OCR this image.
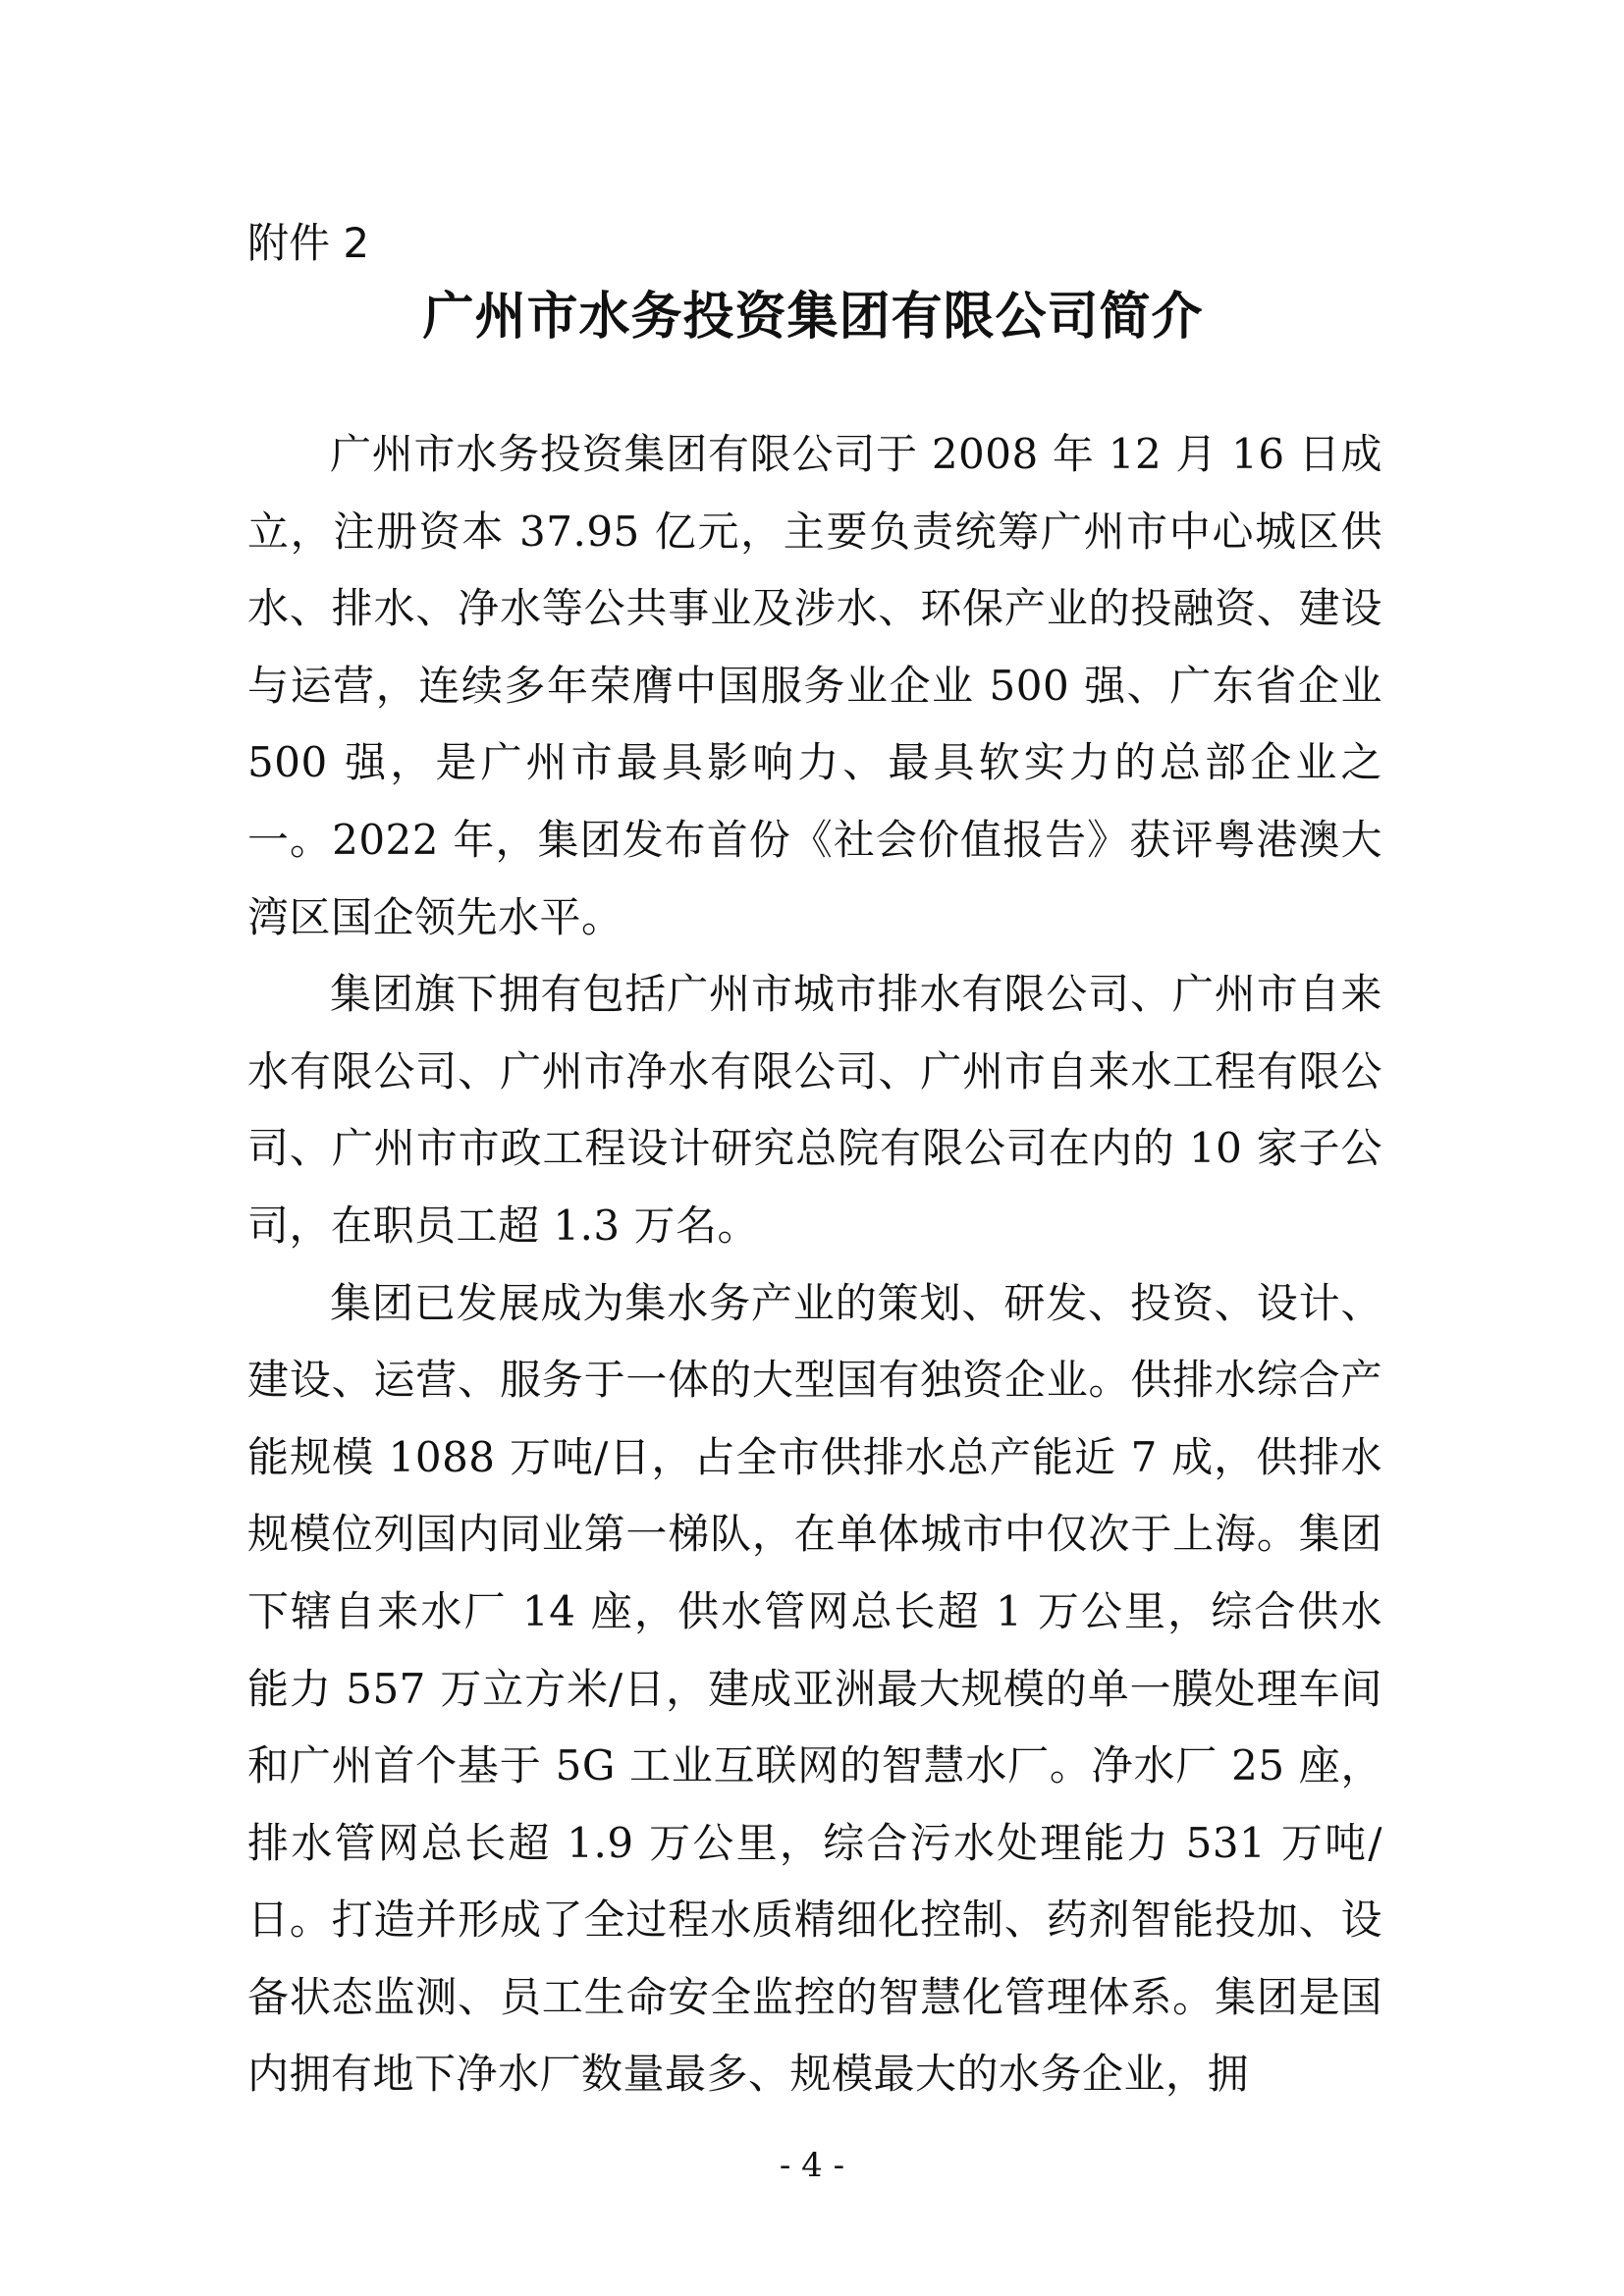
附件 2
广州市水务投资集团有限公司简介

广州市水务投资集团有限公司于 2008 年 12 月 16 日成立，注册资本 37.95 亿元，主要负责统筹广州市中心城区供水、排水、净水等公共事业及涉水、环保产业的投融资、建设与运营，连续多年荣膺中国服务业企业 500 强、广东省企业 500 强，是广州市最具影响力、最具软实力的总部企业之一。2022 年，集团发布首份《社会价值报告》获评粤港澳大湾区国企领先水平。

集团旗下拥有包括广州市城市排水有限公司、广州市自来水有限公司、广州市净水有限公司、广州市自来水工程有限公司、广州市市政工程设计研究总院有限公司在内的 10 家子公司，在职员工超 1.3 万名。

集团已发展成为集水务产业的策划、研发、投资、设计、建设、运营、服务于一体的大型国有独资企业。供排水综合产能规模 1088 万吨/日，占全市供排水总产能近 7 成，供排水规模位列国内同业第一梯队，在单体城市中仅次于上海。集团下辖自来水厂 14 座，供水管网总长超 1 万公里，综合供水能力 557 万立方米/日，建成亚洲最大规模的单一膜处理车间和广州首个基于 5G 工业互联网的智慧水厂。净水厂 25 座，排水管网总长超 1.9 万公里，综合污水处理能力 531 万吨/日。打造并形成了全过程水质精细化控制、药剂智能投加、设备状态监测、员工生命安全监控的智慧化管理体系。集团是国内拥有地下净水厂数量最多、规模最大的水务企业，拥

- 4 -
